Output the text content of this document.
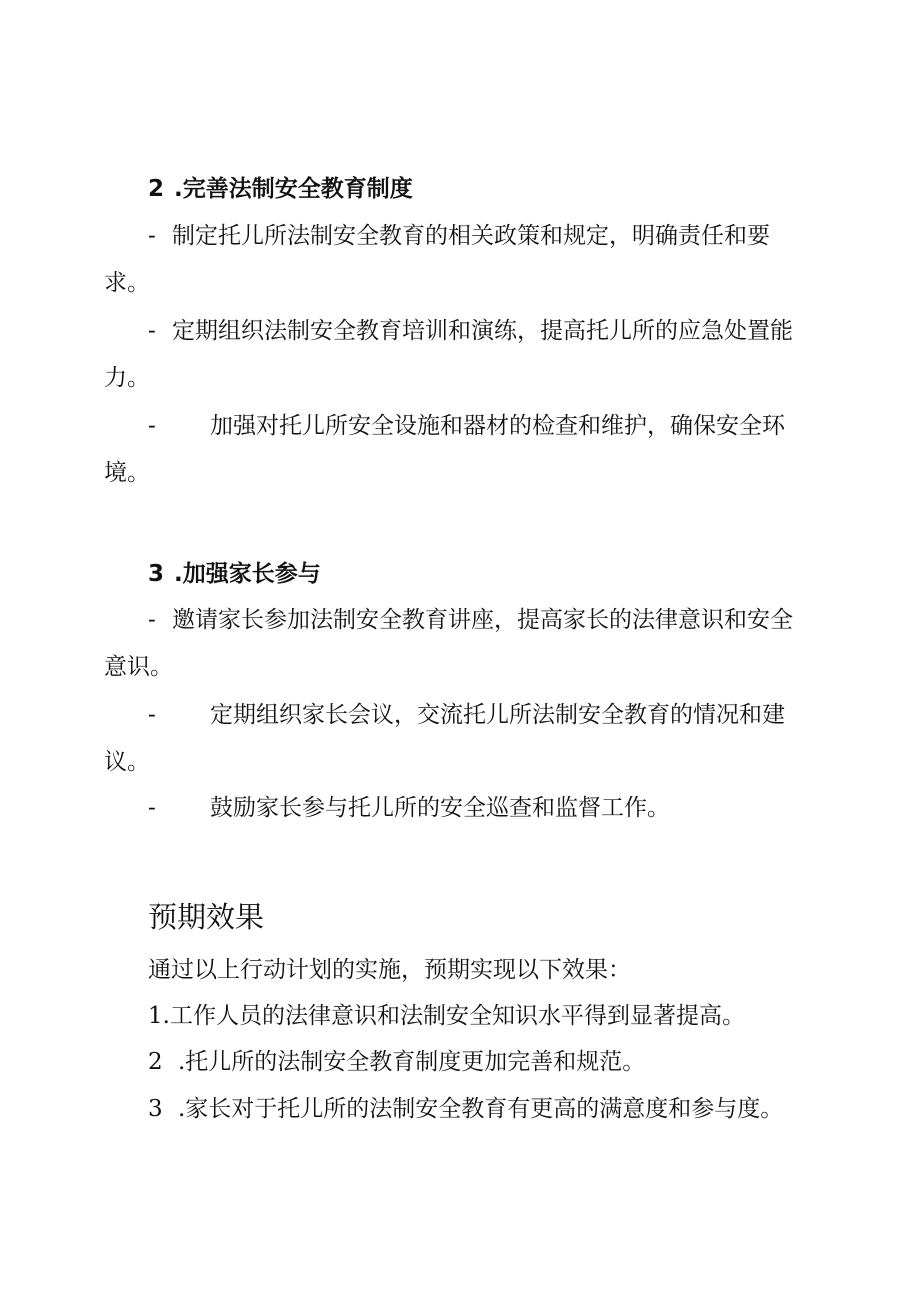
2 .完善法制安全教育制度
- 制定托儿所法制安全教育的相关政策和规定，明确责任和要
求。
- 定期组织法制安全教育培训和演练，提高托儿所的应急处置能
力。
- 加强对托儿所安全设施和器材的检查和维护，确保安全环
境。
3 .加强家长参与
- 邀请家长参加法制安全教育讲座，提高家长的法律意识和安全
意识。
- 定期组织家长会议，交流托儿所法制安全教育的情况和建
议。
- 鼓励家长参与托儿所的安全巡查和监督工作。
预期效果
通过以上行动计划的实施，预期实现以下效果：
1.工作人员的法律意识和法制安全知识水平得到显著提高。
2 .托儿所的法制安全教育制度更加完善和规范。
3 .家长对于托儿所的法制安全教育有更高的满意度和参与度。
